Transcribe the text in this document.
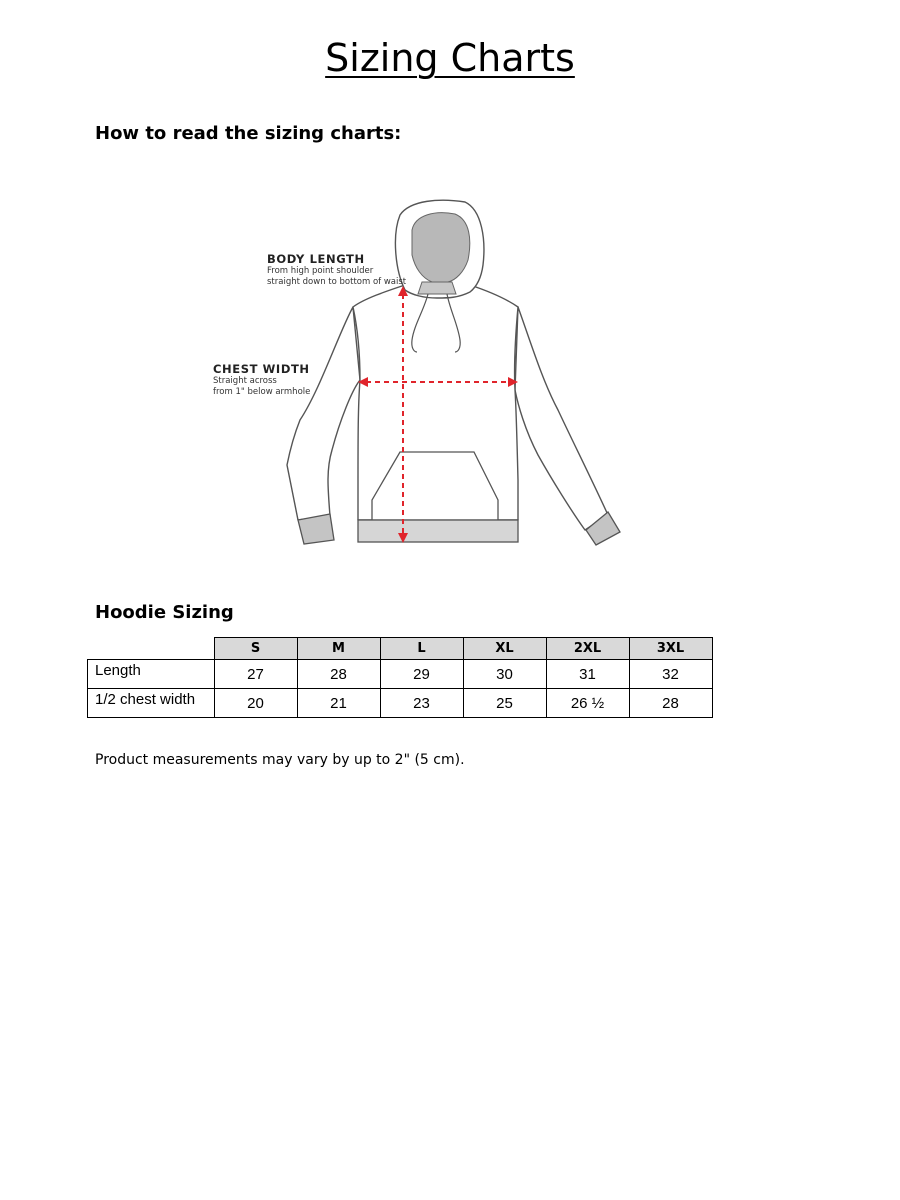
Sizing Charts
How to read the sizing charts:
BODY LENGTH
From high point shoulder
straight down to bottom of waist
CHEST WIDTH
Straight across
from 1" below armhole
Hoodie Sizing
	S	M	L	XL	2XL	3XL
Length	27	28	29	30	31	32
1/2 chest width	20	21	23	25	26 ½	28

Product measurements may vary by up to 2" (5 cm).
